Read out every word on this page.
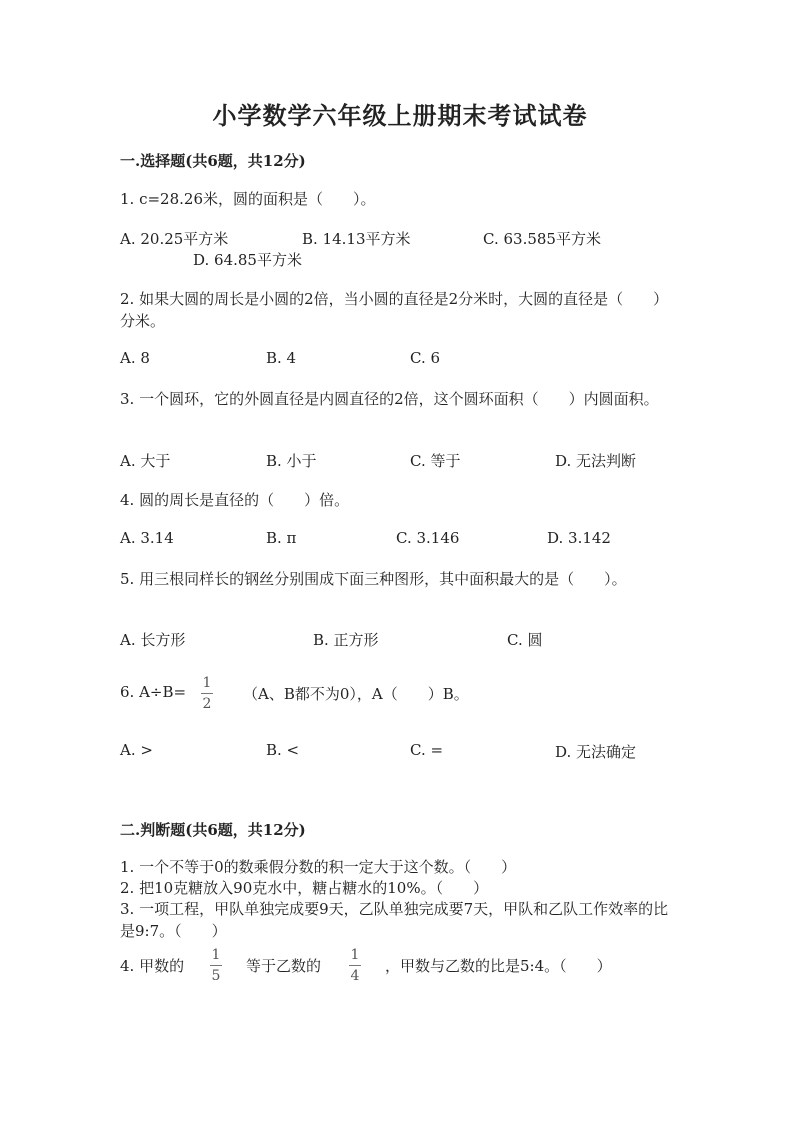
小学数学六年级上册期末考试试卷
一.选择题(共6题，共12分)
1. c=28.26米，圆的面积是（　　）。
A. 20.25平方米	B. 14.13平方米	C. 63.585平方米
D. 64.85平方米
2. 如果大圆的周长是小圆的2倍，当小圆的直径是2分米时，大圆的直径是（　　）分米。
A. 8	B. 4	C. 6
3. 一个圆环，它的外圆直径是内圆直径的2倍，这个圆环面积（　　）内圆面积。
A. 大于	B. 小于	C. 等于	D. 无法判断
4. 圆的周长是直径的（　　）倍。
A. 3.14	B. π	C. 3.146	D. 3.142
5. 用三根同样长的钢丝分别围成下面三种图形，其中面积最大的是（　　）。
A. 长方形	B. 正方形	C. 圆
6. A÷B= 1
2
（A、B都不为0），A（　　）B。
A. >	B. <	C. =	D. 无法确定
二.判断题(共6题，共12分)
1. 一个不等于0的数乘假分数的积一定大于这个数。（　　）
2. 把10克糖放入90克水中，糖占糖水的10%。（　　）
3. 一项工程，甲队单独完成要9天，乙队单独完成要7天，甲队和乙队工作效率的比是9:7。（　　）
4. 甲数的
1
5
等于乙数的
1
4
，甲数与乙数的比是5:4。（　　）
